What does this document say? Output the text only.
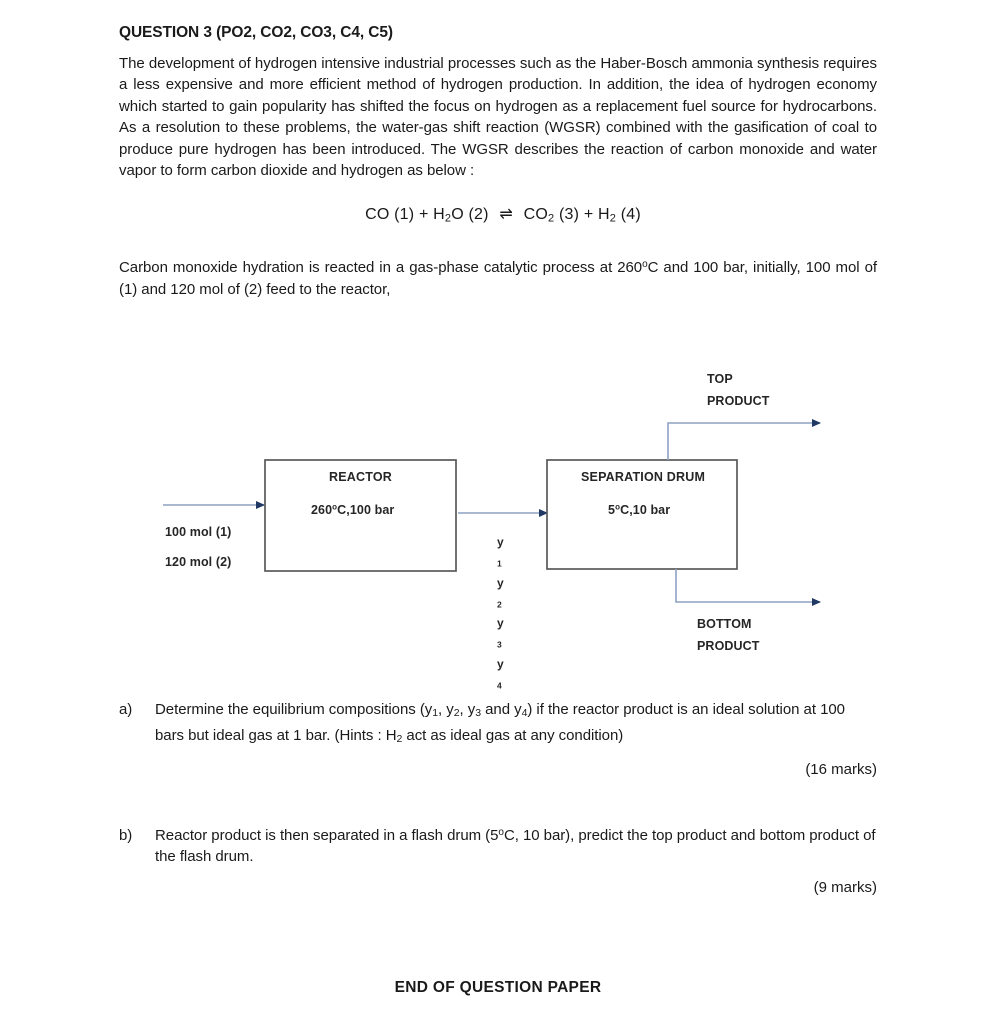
QUESTION 3 (PO2, CO2, CO3, C4, C5)

The development of hydrogen intensive industrial processes such as the Haber-Bosch ammonia synthesis requires a less expensive and more efficient method of hydrogen production. In addition, the idea of hydrogen economy which started to gain popularity has shifted the focus on hydrogen as a replacement fuel source for hydrocarbons. As a resolution to these problems, the water-gas shift reaction (WGSR) combined with the gasification of coal to produce pure hydrogen has been introduced. The WGSR describes the reaction of carbon monoxide and water vapor to form carbon dioxide and hydrogen as below :

CO $(1) + H_2O$ (2) ⇌ $CO_2$ $(3) + H_2$ (4)

Carbon monoxide hydration is reacted in a gas-phase catalytic process at 260$^o$C and 100 bar, initially, 100 mol of (1) and 120 mol of (2) feed to the reactor,

REACTOR
260$^o$C,100 bar
SEPARATION DRUM
5$^o$C,10 bar
100 mol (1)
120 mol (2)
TOP
PRODUCT
BOTTOM
PRODUCT
y
$_1$
y
$_2$
y
$_3$
y
$_4$
a) Determine the equilibrium compositions ($y_1$, $y_2$, $y_3$ and $y_4$) if the reactor product is an ideal solution at 100 bars but ideal gas at 1 bar. (Hints : $H_2$ act as ideal gas at any condition)
(16 marks)
b) Reactor product is then separated in a flash drum (5$^o$C, 10 bar), predict the top product and bottom product of the flash drum.
(9 marks)
END OF QUESTION PAPER
